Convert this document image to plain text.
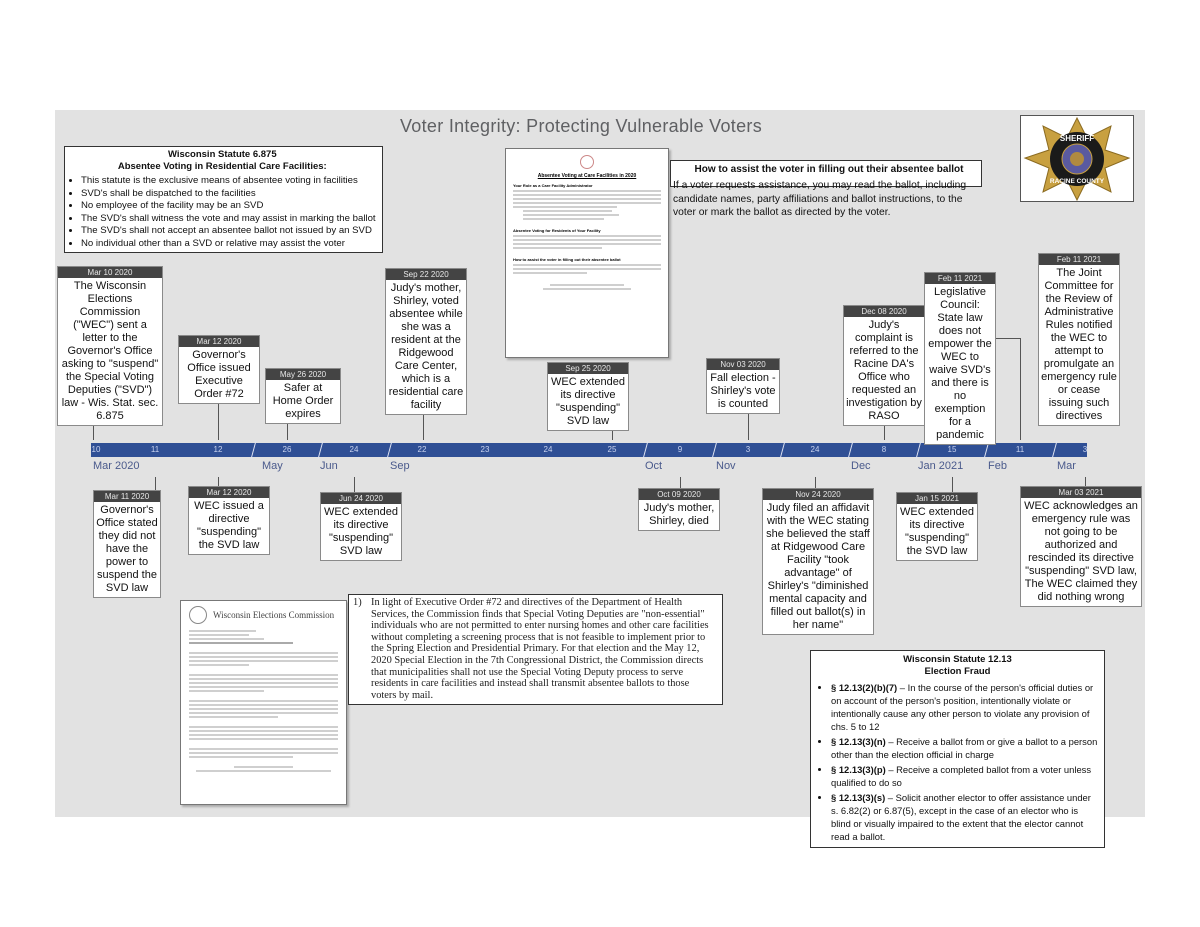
Voter Integrity: Protecting Vulnerable Voters
Wisconsin Statute 6.875
Absentee Voting in Residential Care Facilities:
• This statute is the exclusive means of absentee voting in facilities
• SVD's shall be dispatched to the facilities
• No employee of the facility may be an SVD
• The SVD's shall witness the vote and may assist in marking the ballot
• The SVD's shall not accept an absentee ballot not issued by an SVD
• No individual other than a SVD or relative may assist the voter
Absentee Voting at Care Facilities in 2020
Your Role as a Care Facility Administrator
Absentee Voting for Residents of Your Facility
How to assist the voter in filling out their absentee ballot
How to assist the voter in filling out their absentee ballot
If a voter requests assistance, you may read the ballot, including candidate names, party affiliations and ballot instructions, to the voter or mark the ballot as directed by the voter.
SHERIFF
RACINE COUNTY
10	11	12	26	24	22	23	24	25	9	3	24	8	15	11	3
Mar 2020	May	Jun	Sep	Oct	Nov	Dec	Jan 2021 Feb	Mar
Mar 10 2020
The Wisconsin Elections Commission ("WEC") sent a letter to the Governor's Office asking to "suspend" the Special Voting Deputies ("SVD") law - Wis. Stat. sec. 6.875
Mar 12 2020
Governor's Office issued Executive Order #72
May 26 2020
Safer at Home Order expires
Sep 22 2020
Judy's mother, Shirley, voted absentee while she was a resident at the Ridgewood Care Center, which is a residential care facility
Sep 25 2020
WEC extended its directive "suspending" SVD law
Nov 03 2020
Fall election - Shirley's vote is counted
Dec 08 2020
Judy's complaint is referred to the Racine DA's Office who requested an investigation by RASO
Feb 11 2021
Legislative Council: State law does not empower the WEC to waive SVD's and there is no exemption for a pandemic
Feb 11 2021
The Joint Committee for the Review of Administrative Rules notified the WEC to attempt to promulgate an emergency rule or cease issuing such directives
Mar 11 2020
Governor's Office stated they did not have the power to suspend the SVD law
Mar 12 2020
WEC issued a directive "suspending" the SVD law
Jun 24 2020
WEC extended its directive "suspending" SVD law
Oct 09 2020
Judy's mother, Shirley, died
Nov 24 2020
Judy filed an affidavit with the WEC stating she believed the staff at Ridgewood Care Facility "took advantage" of Shirley's "diminished mental capacity and filled out ballot(s) in her name"
Jan 15 2021
WEC extended its directive "suspending" the SVD law
Mar 03 2021
WEC acknowledges an emergency rule was not going to be authorized and rescinded its directive "suspending" SVD law, The WEC claimed they did nothing wrong
Wisconsin Elections Commission
1) In light of Executive Order #72 and directives of the Department of Health Services, the Commission finds that Special Voting Deputies are "non-essential" individuals who are not permitted to enter nursing homes and other care facilities without completing a screening process that is not feasible to implement prior to the Spring Election and Presidential Primary. For that election and the May 12, 2020 Special Election in the 7th Congressional District, the Commission directs that municipalities shall not use the Special Voting Deputy process to serve residents in care facilities and instead shall transmit absentee ballots to those voters by mail.
Wisconsin Statute 12.13
Election Fraud
• § 12.13(2)(b)(7) – In the course of the person's official duties or on account of the person's position, intentionally violate or intentionally cause any other person to violate any provision of chs. 5 to 12
• § 12.13(3)(n) – Receive a ballot from or give a ballot to a person other than the election official in charge
• § 12.13(3)(p) – Receive a completed ballot from a voter unless qualified to do so
• § 12.13(3)(s) – Solicit another elector to offer assistance under s. 6.82(2) or 6.87(5), except in the case of an elector who is blind or visually impaired to the extent that the elector cannot read a ballot.
